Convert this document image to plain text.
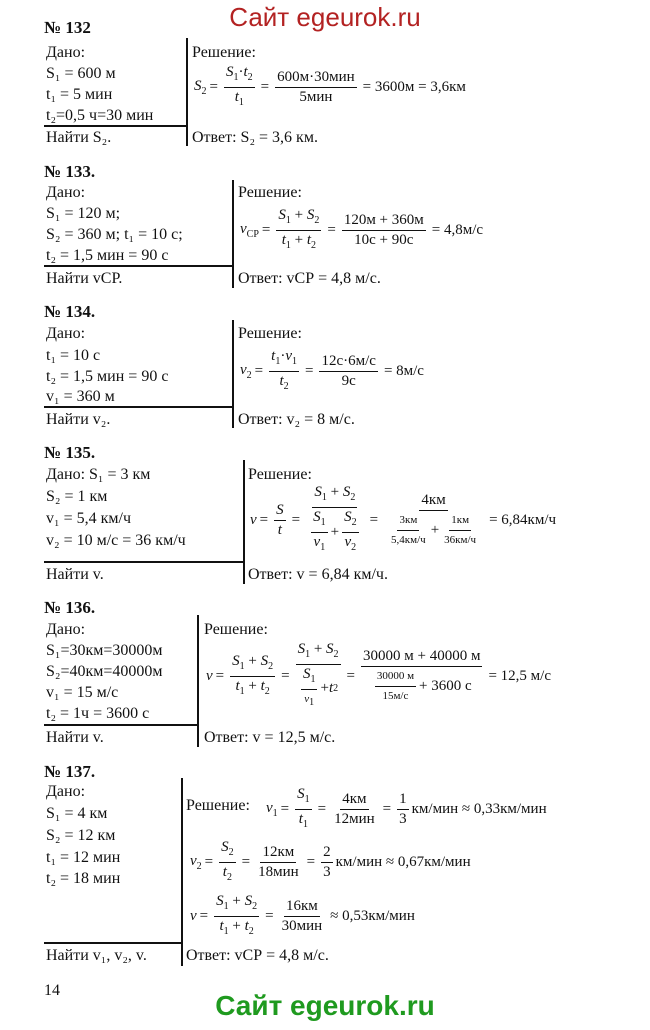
Сайт egeurok.ru
№ 132
Дано:
S₁ = 600 м
t₁ = 5 мин
t₂=0,5 ч=30 мин
Найти S₂.
Решение:
$S_2 = \frac{S_1\cdot t_2}{t_1}$ =
600м·30мин
5мин
= 3600м = 3,6км
Ответ: S₂ = 3,6 км.
№ 133.
Дано:
S₁ = 120 м;
S₂ = 360 м; t₁ = 10 с;
t₂ = 1,5 мин = 90 с
Найти vСР.
Решение:
$v_{СР} = \frac{S_1 + S_2}{t_1 + t_2}$ =
120м + 360м
10с + 90с
= 4,8м/с
Ответ: vСР = 4,8 м/с.
№ 134.
Дано:
t₁ = 10 с
t₂ = 1,5 мин = 90 с
v₁ = 360 м
Найти v₂.
Решение:
$v_2 = \frac{t_1\cdot v_1}{t_2}$ =
12с·6м/с
9с
= 8м/с
Ответ: v₂ = 8 м/с.
№ 135.
Дано: S₁ = 3 км
S₂ = 1 км
v₁ = 5,4 км/ч
v₂ = 10 м/с = 36 км/ч
Найти v.
Решение:
$v = \frac{S}{t} = S_1 + S_2$
$S_1$
$v_1$
+
$S_2$
$v_2$ =
4км
3км
5,4км/ч
+
1км
36км/ч
= 6,84км/ч
Ответ: v = 6,84 км/ч.
№ 136.
Дано:
S₁=30км=30000м
S₂=40км=40000м
v₁ = 15 м/с
t₂ = 1ч = 3600 с
Найти v.
Решение:
$v = \frac{S_1 + S_2}{t_1 + t_2} = S_1 + S_2$
$S_1$
$v_1$
+ t 2 =
30000 м + 40000 м
30000 м
15м/с
+ 3600 с
= 12,5 м/с
Ответ: v = 12,5 м/с.
№ 137.
Дано:
S₁ = 4 км
S₂ = 12 км
t₁ = 12 мин
t₂ = 18 мин
Найти v₁, v₂, v.
Решение: $v_1 = \frac{S_1}{t_1}$ =
4км
12мин
= $\frac{1}{3} км/мин \approx 0,33км/мин$
$v_2 = \frac{S_2}{t_2}$ =
12км
18мин
= $\frac{2}{3} км/мин \approx 0,67км/мин$
$v = \frac{S_1 + S_2}{t_1 + t_2}$ =
16км
30мин
≈ 0,53км/мин
Ответ: vСР = 4,8 м/с.
14	Сайт egeurok.ru
